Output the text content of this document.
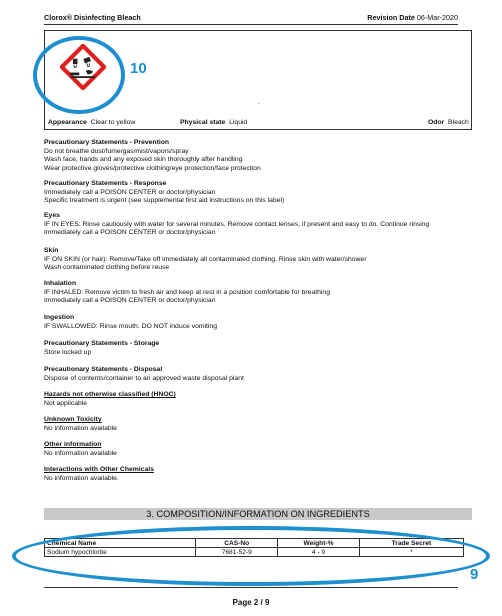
Clorox® Disinfecting Bleach	Revision Date 06-Mar-2020
10
.
Appearance Clear to yellow	Physical state Liquid	Odor Bleach
Precautionary Statements - Prevention
Do not breathe dust/fume/gas/mist/vapors/spray
Wash face, hands and any exposed skin thoroughly after handling
Wear protective gloves/protective clothing/eye protection/face protection
Precautionary Statements - Response
Immediately call a POISON CENTER or doctor/physician
Specific treatment is urgent (see supplemental first aid instructions on this label)
Eyes
IF IN EYES: Rinse cautiously with water for several minutes. Remove contact lenses, if present and easy to do. Continue rinsing
Immediately call a POISON CENTER or doctor/physician
Skin
IF ON SKIN (or hair): Remove/Take off immediately all contaminated clothing. Rinse skin with water/shower
Wash contaminated clothing before reuse
Inhalation
IF INHALED: Remove victim to fresh air and keep at rest in a position comfortable for breathing
Immediately call a POISON CENTER or doctor/physician
Ingestion
IF SWALLOWED: Rinse mouth. DO NOT induce vomiting
Precautionary Statements - Storage
Store locked up
Precautionary Statements - Disposal
Dispose of contents/container to an approved waste disposal plant
Hazards not otherwise classified (HNOC)
Not applicable
Unknown Toxicity
No information available
Other information
No information available
Interactions with Other Chemicals
No information available.
3. COMPOSITION/INFORMATION ON INGREDIENTS
Chemical Name	CAS-No	Weight-%	Trade Secret
Sodium hypochlorite	7681-52-9	4 - 9	*
9
Page 2 / 9
